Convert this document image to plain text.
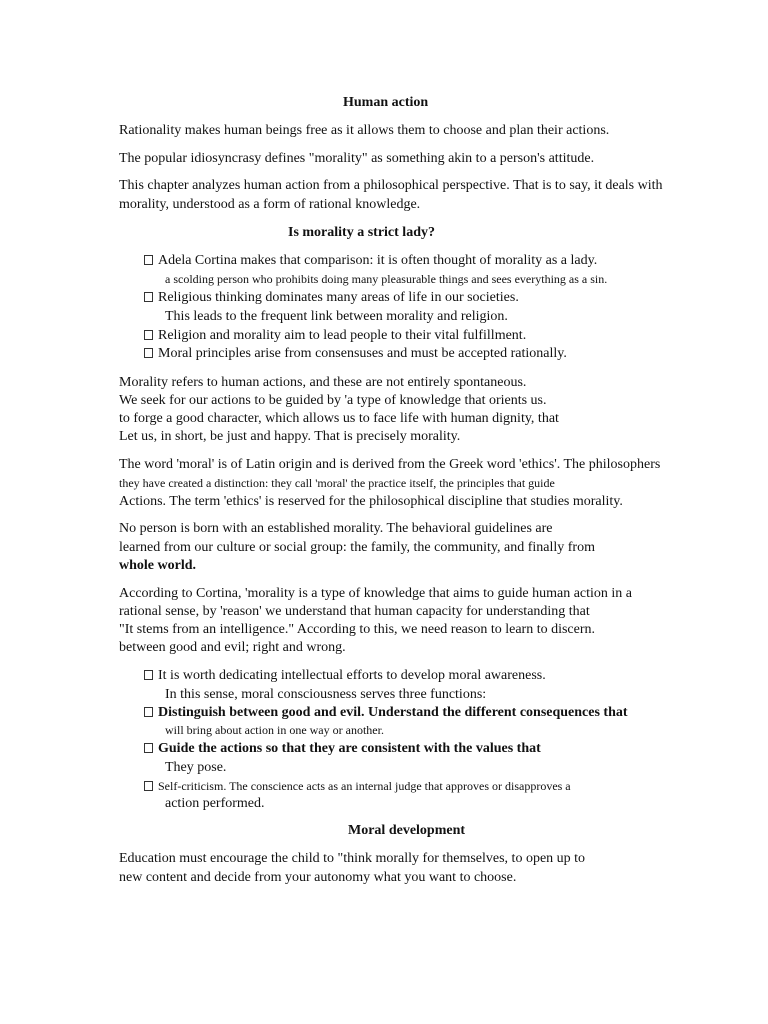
Human action
Rationality makes human beings free as it allows them to choose and plan their actions.
The popular idiosyncrasy defines "morality" as something akin to a person's attitude.
This chapter analyzes human action from a philosophical perspective. That is to say, it deals with
morality, understood as a form of rational knowledge.
Is morality a strict lady?
Adela Cortina makes that comparison: it is often thought of morality as a lady.
a scolding person who prohibits doing many pleasurable things and sees everything as a sin.
Religious thinking dominates many areas of life in our societies.
This leads to the frequent link between morality and religion.
Religion and morality aim to lead people to their vital fulfillment.
Moral principles arise from consensuses and must be accepted rationally.
Morality refers to human actions, and these are not entirely spontaneous.
We seek for our actions to be guided by 'a type of knowledge that orients us.
to forge a good character, which allows us to face life with human dignity, that
Let us, in short, be just and happy. That is precisely morality.
The word 'moral' is of Latin origin and is derived from the Greek word 'ethics'. The philosophers
they have created a distinction: they call 'moral' the practice itself, the principles that guide
Actions. The term 'ethics' is reserved for the philosophical discipline that studies morality.
No person is born with an established morality. The behavioral guidelines are
learned from our culture or social group: the family, the community, and finally from
whole world.
According to Cortina, 'morality is a type of knowledge that aims to guide human action in a
rational sense, by 'reason' we understand that human capacity for understanding that
"It stems from an intelligence." According to this, we need reason to learn to discern.
between good and evil; right and wrong.
It is worth dedicating intellectual efforts to develop moral awareness.
In this sense, moral consciousness serves three functions:
Distinguish between good and evil. Understand the different consequences that
will bring about action in one way or another.
Guide the actions so that they are consistent with the values that
They pose.
Self-criticism. The conscience acts as an internal judge that approves or disapproves a
action performed.
Moral development
Education must encourage the child to "think morally for themselves, to open up to
new content and decide from your autonomy what you want to choose.
